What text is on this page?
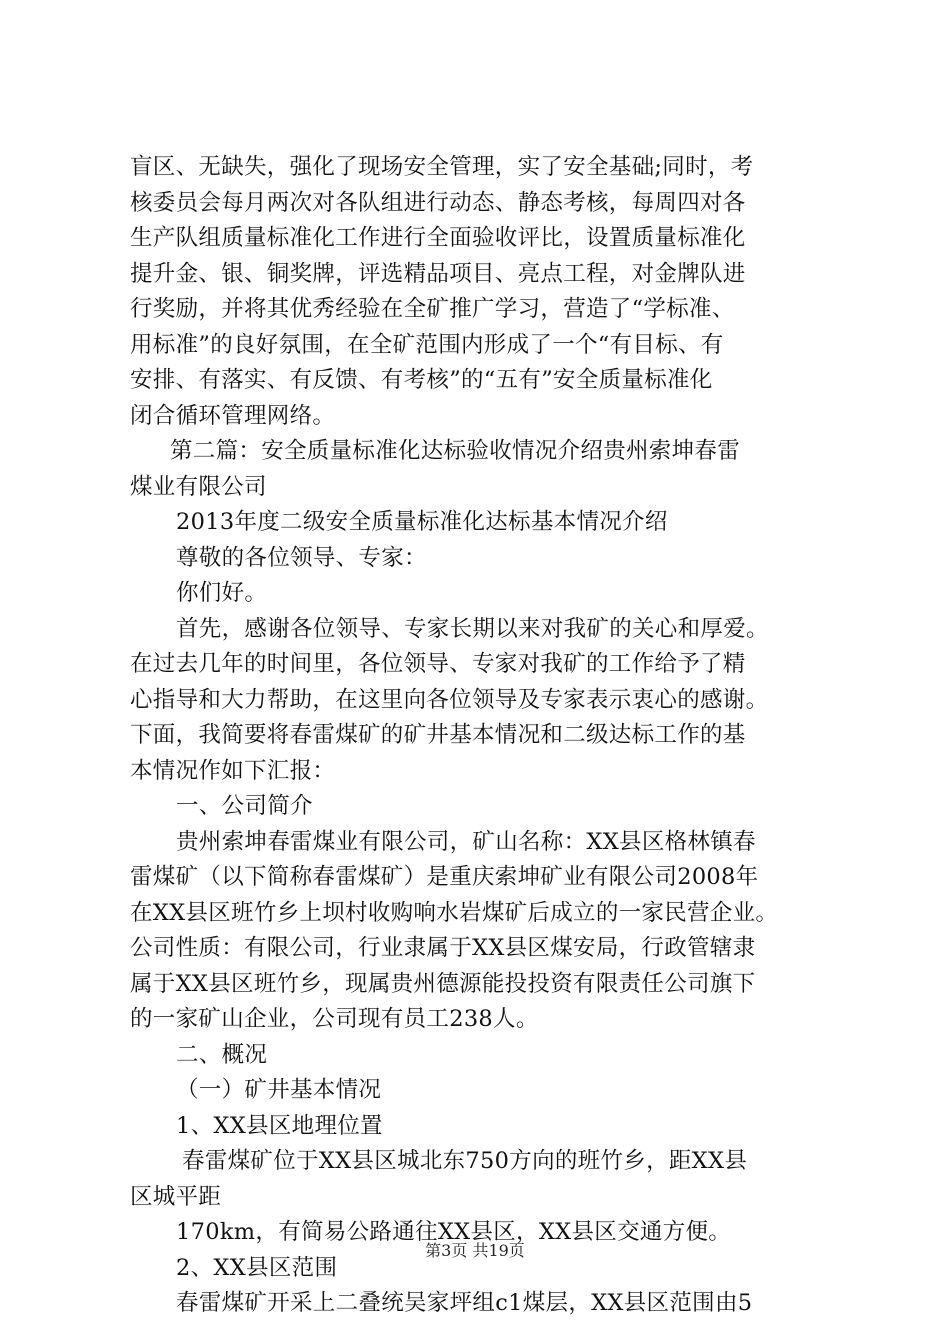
盲区、无缺失，强化了现场安全管理，实了安全基础;同时，考
核委员会每月两次对各队组进行动态、静态考核，每周四对各
生产队组质量标准化工作进行全面验收评比，设置质量标准化
提升金、银、铜奖牌，评选精品项目、亮点工程，对金牌队进
行奖励，并将其优秀经验在全矿推广学习，营造了“学标准、
用标准”的良好氛围，在全矿范围内形成了一个“有目标、有
安排、有落实、有反馈、有考核”的“五有”安全质量标准化
闭合循环管理网络。
第二篇：安全质量标准化达标验收情况介绍贵州索坤春雷
煤业有限公司
2013年度二级安全质量标准化达标基本情况介绍
尊敬的各位领导、专家：
你们好。
首先，感谢各位领导、专家长期以来对我矿的关心和厚爱。
在过去几年的时间里，各位领导、专家对我矿的工作给予了精
心指导和大力帮助，在这里向各位领导及专家表示衷心的感谢。
下面，我简要将春雷煤矿的矿井基本情况和二级达标工作的基
本情况作如下汇报：
一、公司简介
贵州索坤春雷煤业有限公司，矿山名称：XX县区格林镇春
雷煤矿（以下简称春雷煤矿）是重庆索坤矿业有限公司2008年
在XX县区班竹乡上坝村收购响水岩煤矿后成立的一家民营企业。
公司性质：有限公司，行业隶属于XX县区煤安局，行政管辖隶
属于XX县区班竹乡，现属贵州德源能投投资有限责任公司旗下
的一家矿山企业，公司现有员工238人。
二、概况
（一）矿井基本情况
1、XX县区地理位置
春雷煤矿位于XX县区城北东750方向的班竹乡，距XX县
区城平距
170km，有简易公路通往XX县区，XX县区交通方便。
2、XX县区范围
春雷煤矿开采上二叠统吴家坪组c1煤层，XX县区范围由5
第3页 共19页
